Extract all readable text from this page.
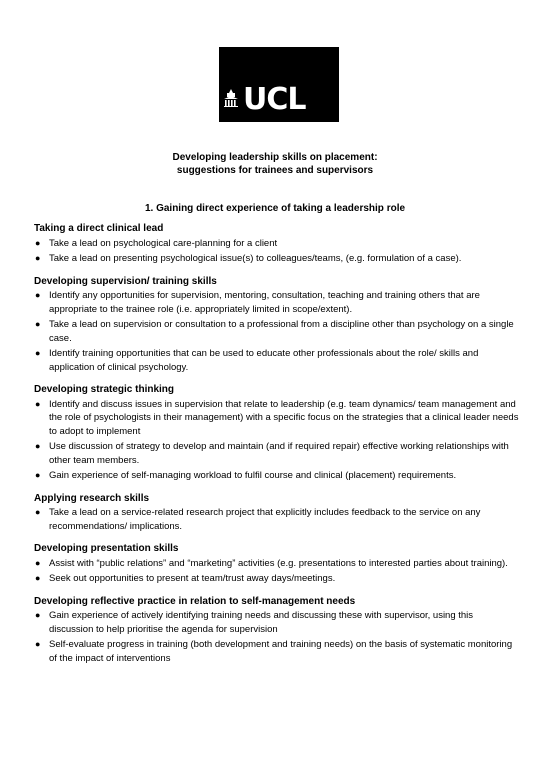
UCL
Developing leadership skills on placement:
suggestions for trainees and supervisors
1. Gaining direct experience of taking a leadership role
Taking a direct clinical lead
● Take a lead on psychological care-planning for a client
● Take a lead on presenting psychological issue(s) to colleagues/teams, (e.g. formulation of a case).
Developing supervision/ training skills
● Identify any opportunities for supervision, mentoring, consultation, teaching and training others that are appropriate to the trainee role (i.e. appropriately limited in scope/extent).
● Take a lead on supervision or consultation to a professional from a discipline other than psychology on a single case.
● Identify training opportunities that can be used to educate other professionals about the role/ skills and application of clinical psychology.
Developing strategic thinking
● Identify and discuss issues in supervision that relate to leadership (e.g. team dynamics/ team management and the role of psychologists in their management) with a specific focus on the strategies that a clinical leader needs to adopt to implement
● Use discussion of strategy to develop and maintain (and if required repair) effective working relationships with other team members.
● Gain experience of self-managing workload to fulfil course and clinical (placement) requirements.
Applying research skills
● Take a lead on a service-related research project that explicitly includes feedback to the service on any recommendations/ implications.
Developing presentation skills
● Assist with “public relations” and “marketing” activities (e.g. presentations to interested parties about training).
● Seek out opportunities to present at team/trust away days/meetings.
Developing reflective practice in relation to self-management needs
● Gain experience of actively identifying training needs and discussing these with supervisor, using this discussion to help prioritise the agenda for supervision
● Self-evaluate progress in training (both development and training needs) on the basis of systematic monitoring of the impact of interventions
